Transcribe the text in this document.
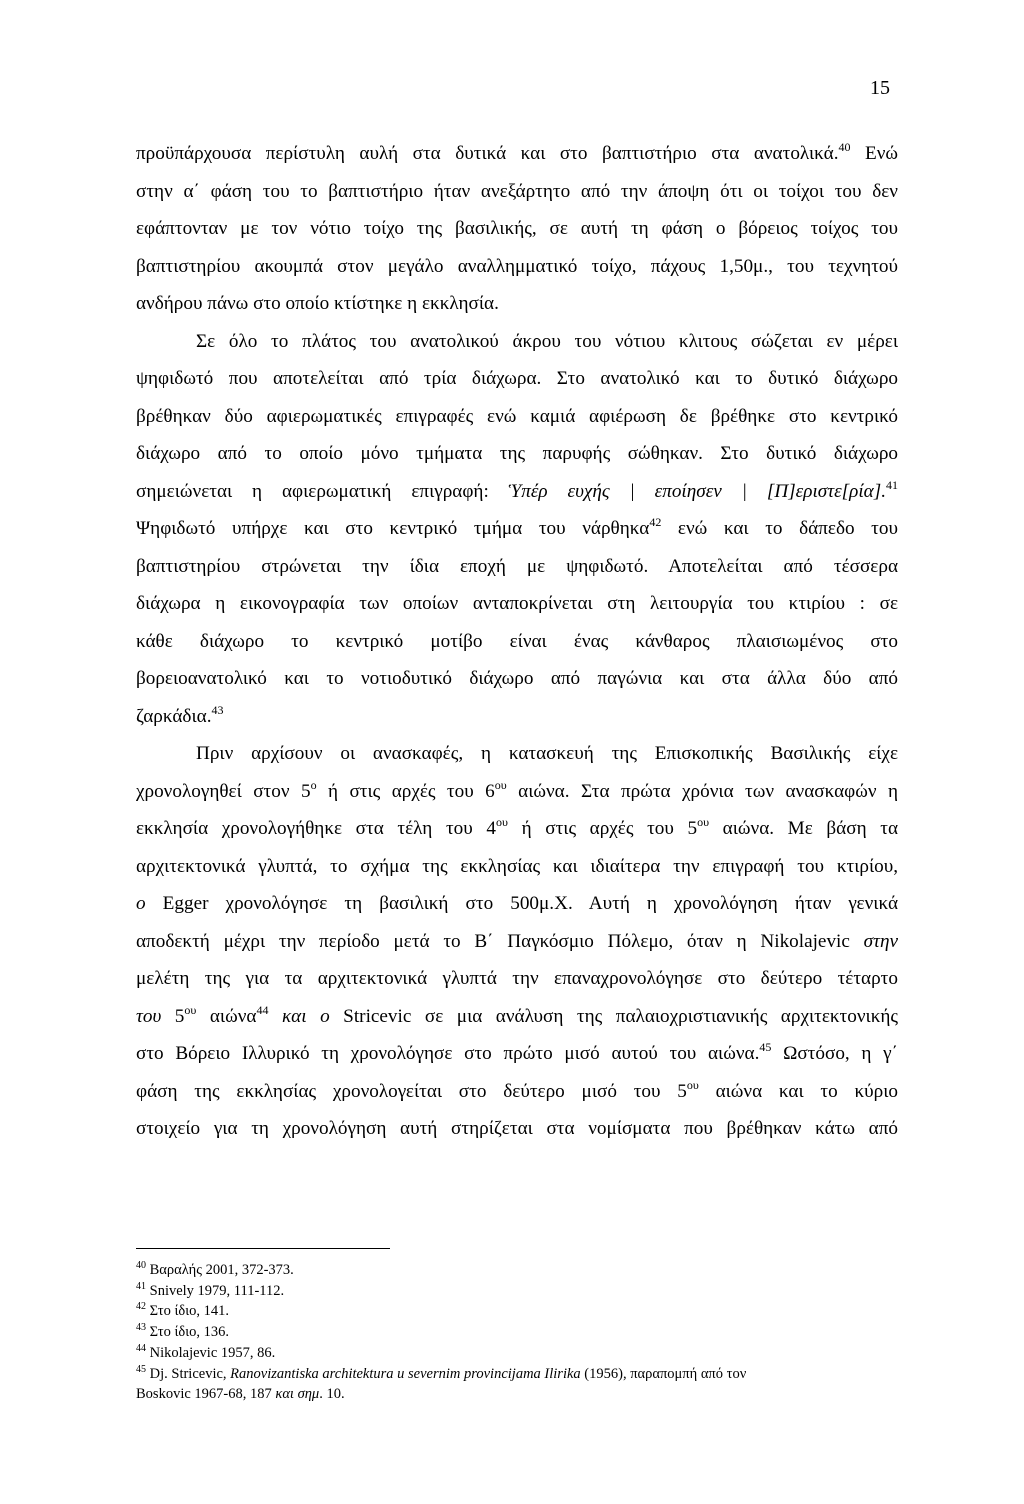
15
προϋπάρχουσα περίστυλη αυλή στα δυτικά και στο βαπτιστήριο στα ανατολικά.$^{40}$ Ενώ
στην α΄ φάση του το βαπτιστήριο ήταν ανεξάρτητο από την άποψη ότι οι τοίχοι του δεν
εφάπτονταν με τον νότιο τοίχο της βασιλικής, σε αυτή τη φάση ο βόρειος τοίχος του
βαπτιστηρίου ακουμπά στον μεγάλο αναλλημματικό τοίχο, πάχους 1,50μ., του τεχνητού
ανδήρου πάνω στο οποίο κτίστηκε η εκκλησία.
Σε όλο το πλάτος του ανατολικού άκρου του νότιου κλιτους σώζεται εν μέρει
ψηφιδωτό που αποτελείται από τρία διάχωρα. Στο ανατολικό και το δυτικό διάχωρο
βρέθηκαν δύο αφιερωματικές επιγραφές ενώ καμιά αφιέρωση δε βρέθηκε στο κεντρικό
διάχωρο από το οποίο μόνο τμήματα της παρυφής σώθηκαν. Στο δυτικό διάχωρο
σημειώνεται η αφιερωματική επιγραφή: Ὑπέρ ευχής | εποίησεν | [Π]εριστε[ρία].$^{41}$
Ψηφιδωτό υπήρχε και στο κεντρικό τμήμα του νάρθηκα$^{42}$ ενώ και το δάπεδο του
βαπτιστηρίου στρώνεται την ίδια εποχή με ψηφιδωτό. Αποτελείται από τέσσερα
διάχωρα η εικονογραφία των οποίων ανταποκρίνεται στη λειτουργία του κτιρίου : σε
κάθε διάχωρο το κεντρικό μοτίβο είναι ένας κάνθαρος πλαισιωμένος στο
βορειοανατολικό και το νοτιοδυτικό διάχωρο από παγώνια και στα άλλα δύο από
ζαρκάδια.$^{43}$
Πριν αρχίσουν οι ανασκαφές, η κατασκευή της Επισκοπικής Βασιλικής είχε
χρονολογηθεί στον $5^o$ ή στις αρχές του $6^{o\upsilon}$ αιώνα. Στα πρώτα χρόνια των ανασκαφών η
εκκλησία χρονολογήθηκε στα τέλη του $4^{o\upsilon}$ ή στις αρχές του $5^{o\upsilon}$ αιώνα. Με βάση τα
αρχιτεκτονικά γλυπτά, το σχήμα της εκκλησίας και ιδιαίτερα την επιγραφή του κτιρίου,
ο Egger χρονολόγησε τη βασιλική στο 500μ.Χ. Αυτή η χρονολόγηση ήταν γενικά
αποδεκτή μέχρι την περίοδο μετά το Β΄ Παγκόσμιο Πόλεμο, όταν η Nikolajevic στην
μελέτη της για τα αρχιτεκτονικά γλυπτά την επαναχρονολόγησε στο δεύτερο τέταρτο
του $5^{o\upsilon}$ αιώνα$^{44}$ και ο Stricevic σε μια ανάλυση της παλαιοχριστιανικής αρχιτεκτονικής
στο Βόρειο Ιλλυρικό τη χρονολόγησε στο πρώτο μισό αυτού του αιώνα.$^{45}$ Ωστόσο, η γ΄
φάση της εκκλησίας χρονολογείται στο δεύτερο μισό του $5^{o\upsilon}$ αιώνα και το κύριο
στοιχείο για τη χρονολόγηση αυτή στηρίζεται στα νομίσματα που βρέθηκαν κάτω από
$^{40}$ Βαραλής 2001, 372-373.
$^{41}$ Snively 1979, 111-112.
$^{42}$ Στο ίδιο, 141.
$^{43}$ Στο ίδιο, 136.
$^{44}$ Nikolajevic 1957, 86.
$^{45}$ Dj. Stricevic, Ranovizantiska architektura u severnim provincijama Ilirika (1956), παραπομπή από τον
Boskovic 1967-68, 187 και σημ. 10.
